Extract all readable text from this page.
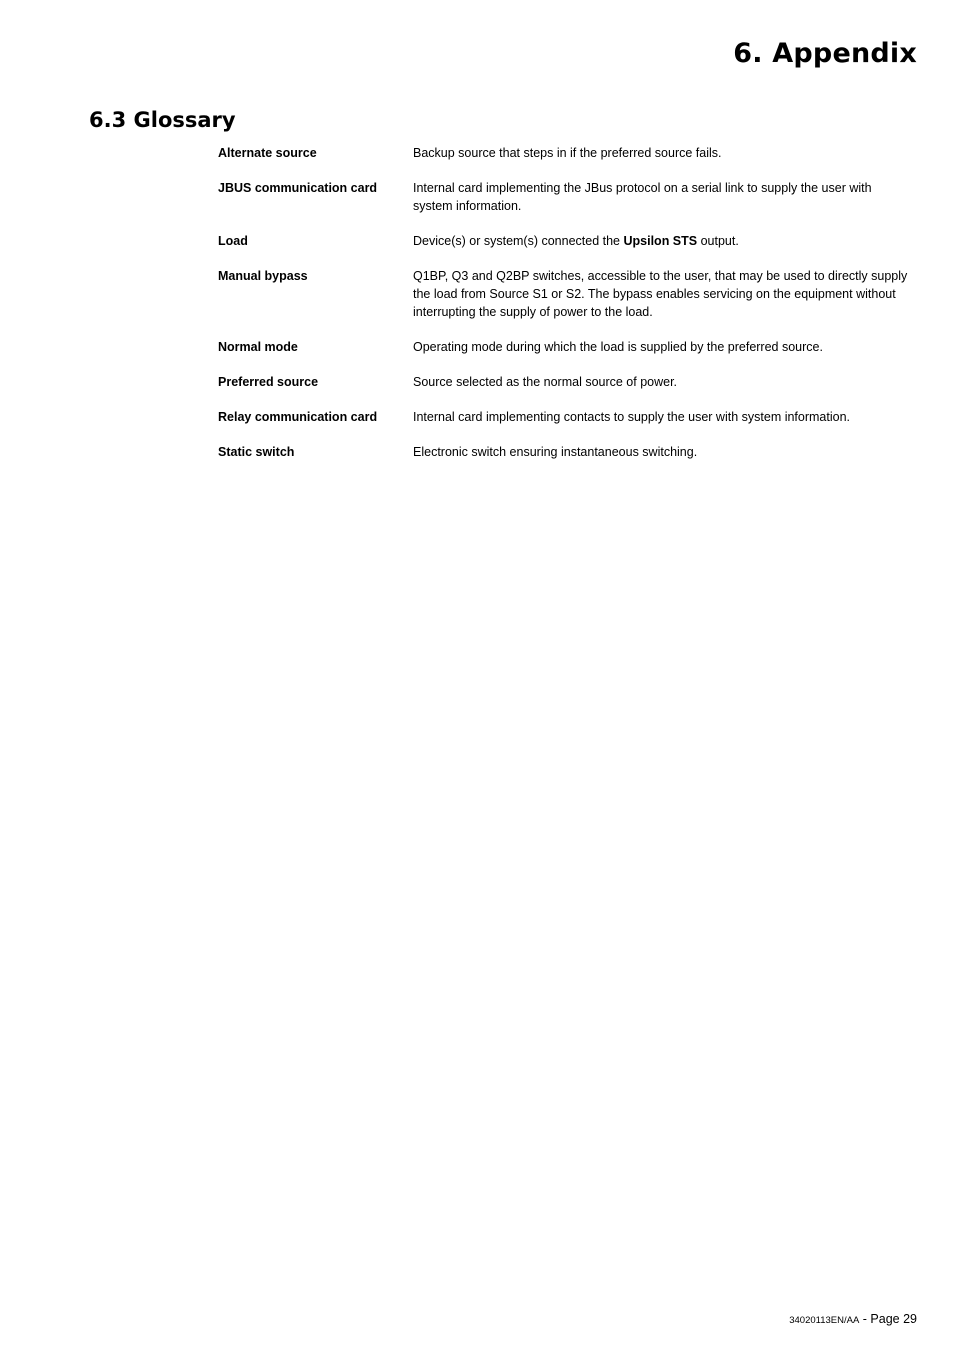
6. Appendix
6.3 Glossary
Alternate source	Backup source that steps in if the preferred source fails.
JBUS communication card	Internal card implementing the JBus protocol on a serial link to supply the user with system information.
Load	Device(s) or system(s) connected the Upsilon STS output.
Manual bypass	Q1BP, Q3 and Q2BP switches, accessible to the user, that may be used to directly supply the load from Source S1 or S2. The bypass enables servicing on the equipment without interrupting the supply of power to the load.
Normal mode	Operating mode during which the load is supplied by the preferred source.
Preferred source	Source selected as the normal source of power.
Relay communication card	Internal card implementing contacts to supply the user with system information.
Static switch	Electronic switch ensuring instantaneous switching.
34020113EN/AA - Page 29
